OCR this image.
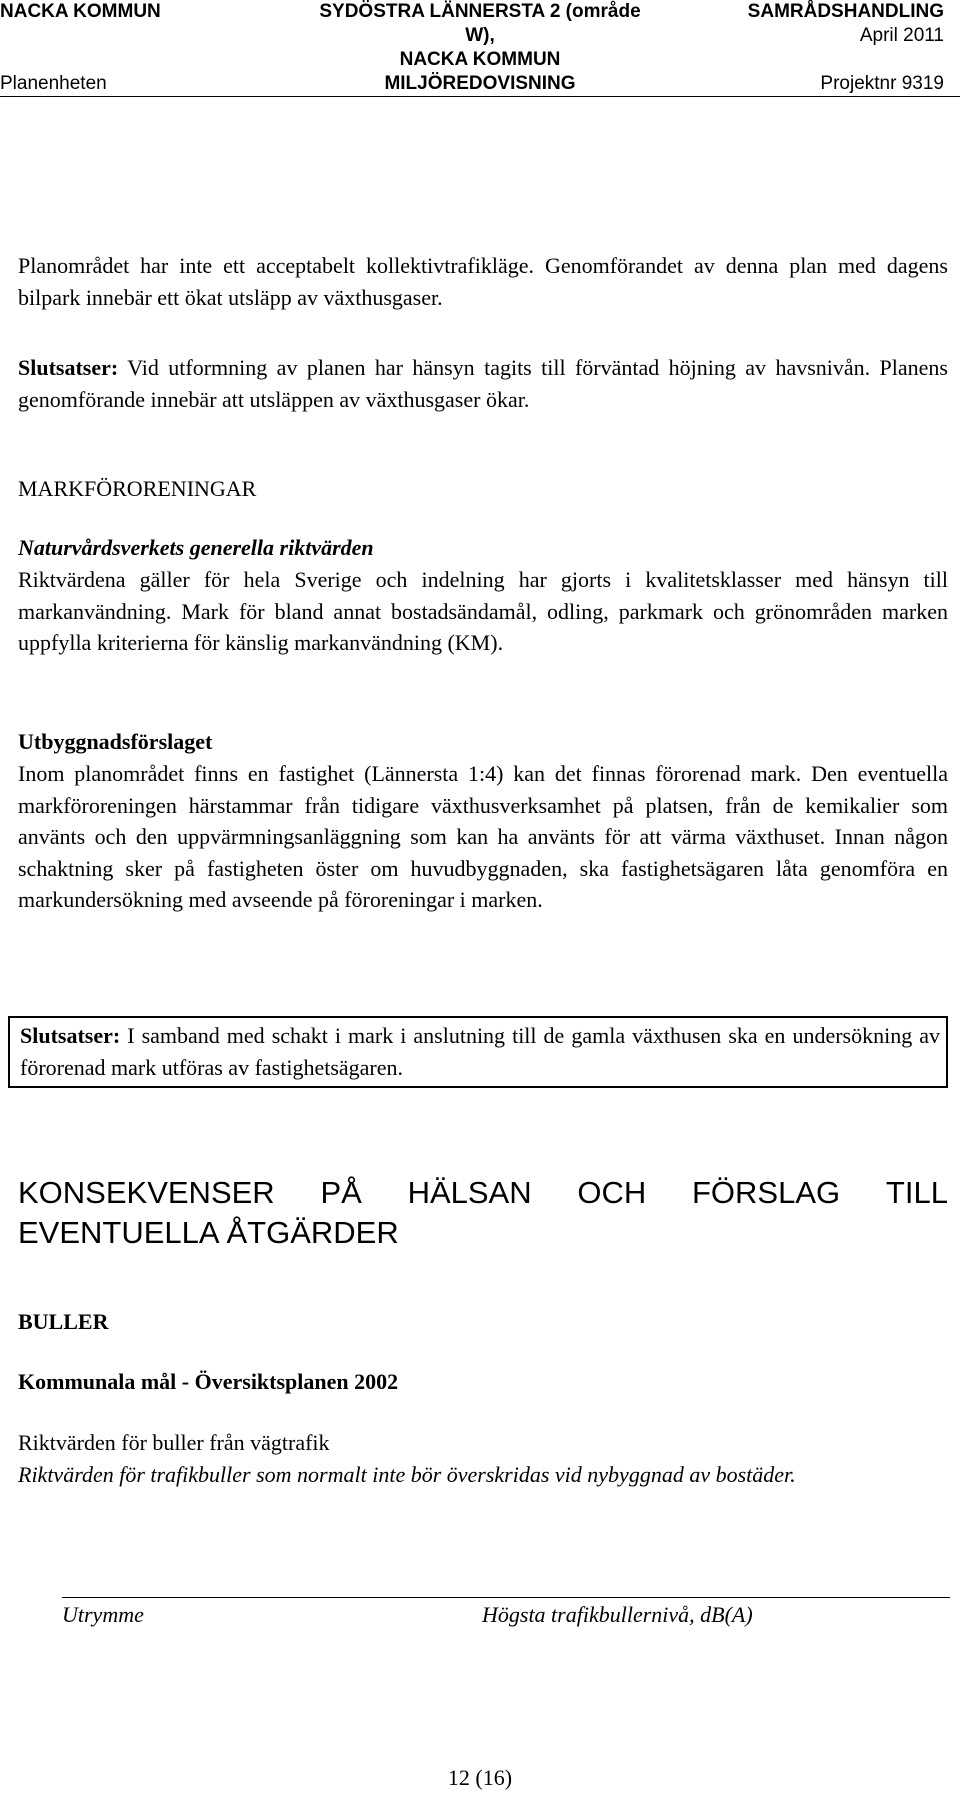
NACKA KOMMUN	SYDÖSTRA LÄNNERSTA 2 (område	SAMRÅDSHANDLING
W),	April 2011
NACKA KOMMUN
Planenheten	MILJÖREDOVISNING	Projektnr 9319

Planområdet har inte ett acceptabelt kollektivtrafikläge. Genomförandet av denna plan med dagens bilpark innebär ett ökat utsläpp av växthusgaser.

Slutsatser: Vid utformning av planen har hänsyn tagits till förväntad höjning av havsnivån. Planens genomförande innebär att utsläppen av växthusgaser ökar.

MARKFÖRORENINGAR

Naturvårdsverkets generella riktvärden

Riktvärdena gäller för hela Sverige och indelning har gjorts i kvalitetsklasser med hänsyn till markanvändning. Mark för bland annat bostadsändamål, odling, parkmark och grönområden marken uppfylla kriterierna för känslig markanvändning (KM).

Utbyggnadsförslaget

Inom planområdet finns en fastighet (Lännersta 1:4) kan det finnas förorenad mark. Den eventuella markföroreningen härstammar från tidigare växthusverksamhet på platsen, från de kemikalier som använts och den uppvärmningsanläggning som kan ha använts för att värma växthuset. Innan någon schaktning sker på fastigheten öster om huvudbyggnaden, ska fastighetsägaren låta genomföra en markundersökning med avseende på föroreningar i marken.

Slutsatser: I samband med schakt i mark i anslutning till de gamla växthusen ska en undersökning av förorenad mark utföras av fastighetsägaren.

KONSEKVENSER PÅ HÄLSAN OCH FÖRSLAG TILL
EVENTUELLA ÅTGÄRDER

BULLER

Kommunala mål - Översiktsplanen 2002

Riktvärden för buller från vägtrafik

Riktvärden för trafikbuller som normalt inte bör överskridas vid nybyggnad av bostäder.

Utrymme	Högsta trafikbullernivå, dB(A)
12 (16)
